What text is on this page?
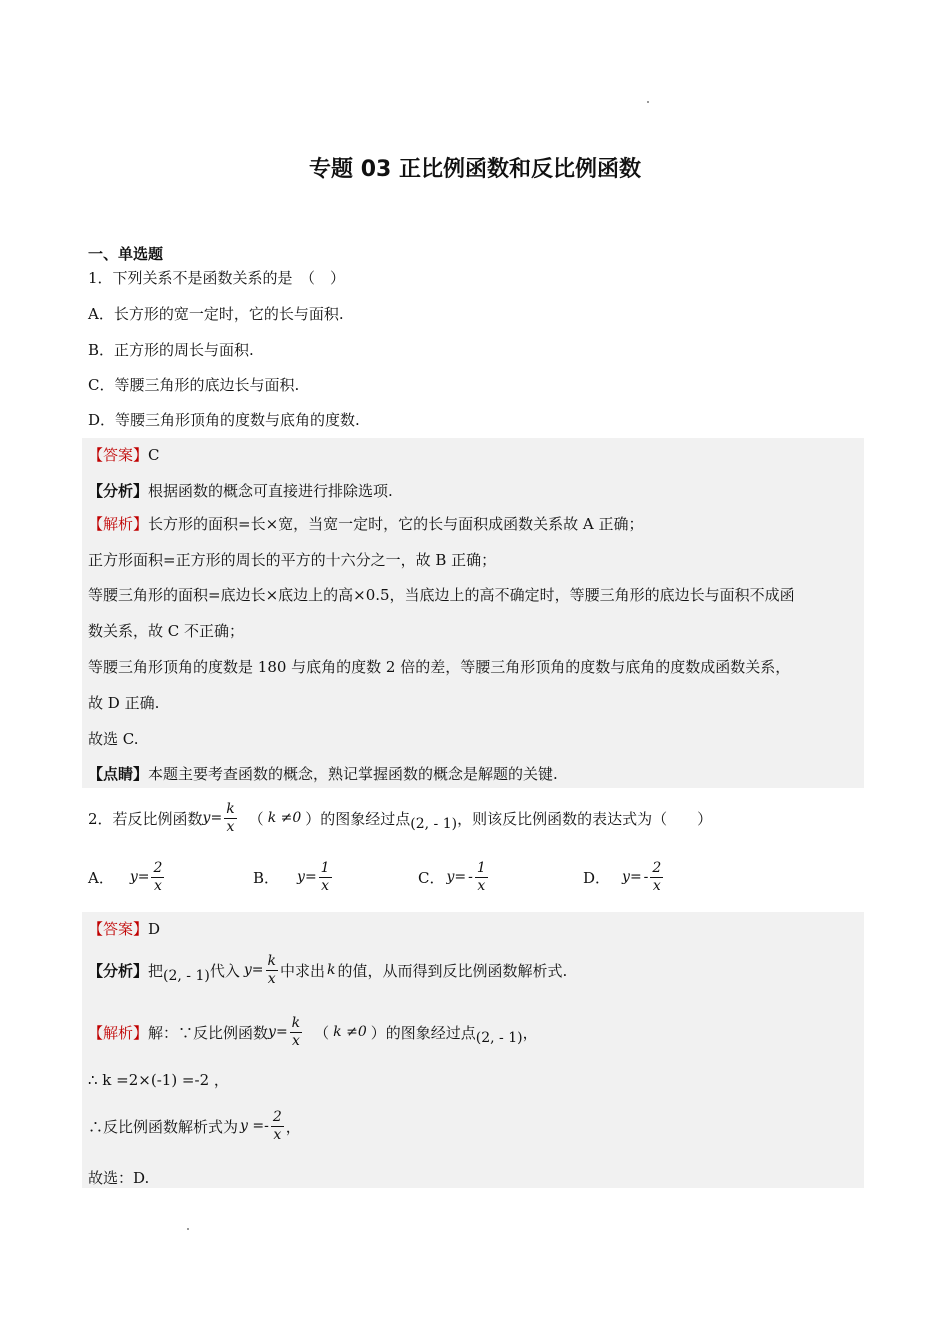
专题 03 正比例函数和反比例函数
一、单选题
1．下列关系不是函数关系的是　（　）
A．长方形的宽一定时，它的长与面积.
B．正方形的周长与面积.
C．等腰三角形的底边长与面积.
D．等腰三角形顶角的度数与底角的度数.
【答案】C
【分析】根据函数的概念可直接进行排除选项.
【解析】长方形的面积=长×宽，当宽一定时，它的长与面积成函数关系故 A 正确；
正方形面积=正方形的周长的平方的十六分之一，故 B 正确；
等腰三角形的面积=底边长×底边上的高×0.5，当底边上的高不确定时，等腰三角形的底边长与面积不成函
数关系，故 C 不正确；
等腰三角形顶角的度数是 180 与底角的度数 2 倍的差，等腰三角形顶角的度数与底角的度数成函数关系，
故 D 正确.
故选 C.
【点睛】本题主要考查函数的概念，熟记掌握函数的概念是解题的关键.
2．若反比例函数 $y= \frac{k}{x}$ （ k ≠0 ）的图象经过点 (2, - 1) ，则该反比例函数的表达式为（　　）
A． $y= \frac{2}{x}$	B． $y= \frac{1}{x}$	C． $y= - \frac{1}{x}$	D． $y= - \frac{2}{x}$
【答案】D
【分析】 把 (2, - 1) 代入 $y= \frac{k}{x}$ 中求出 k 的值，从而得到反比例函数解析式.
【解析】 解：∵反比例函数 $y= \frac{k}{x}$ （ k ≠0 ） 的图象经过点 (2, - 1) ，
∴ k =2×(-1) =-2 ，
∴反比例函数解析式为 $y =- \frac{2}{x}$ ，
故选：D.
